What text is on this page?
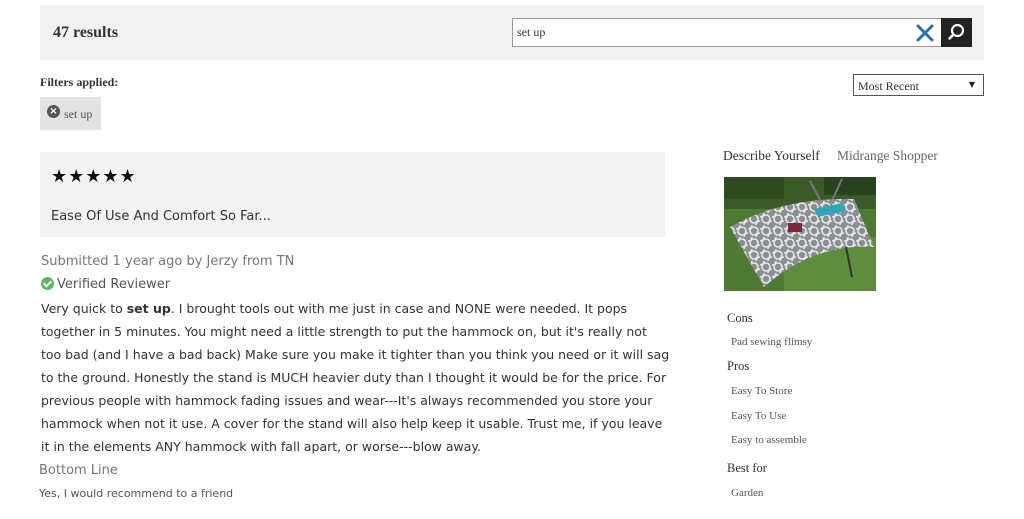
47 results
set up
Filters applied:
× set up
Most Recent	▼
★★★★★
Ease Of Use And Comfort So Far...
Submitted 1 year ago by Jerzy from TN
Verified Reviewer
Very quick to set up. I brought tools out with me just in case and NONE were needed. It pops together in 5 minutes. You might need a little strength to put the hammock on, but it's really not too bad (and I have a bad back) Make sure you make it tighter than you think you need or it will sag to the ground. Honestly the stand is MUCH heavier duty than I thought it would be for the price. For previous people with hammock fading issues and wear---It's always recommended you store your hammock when not it use. A cover for the stand will also help keep it usable. Trust me, if you leave it in the elements ANY hammock with fall apart, or worse---blow away.
Bottom Line
Yes, I would recommend to a friend
Describe Yourself Midrange Shopper
Cons
Pad sewing flimsy
Pros
Easy To Store
Easy To Use
Easy to assemble
Best for
Garden
